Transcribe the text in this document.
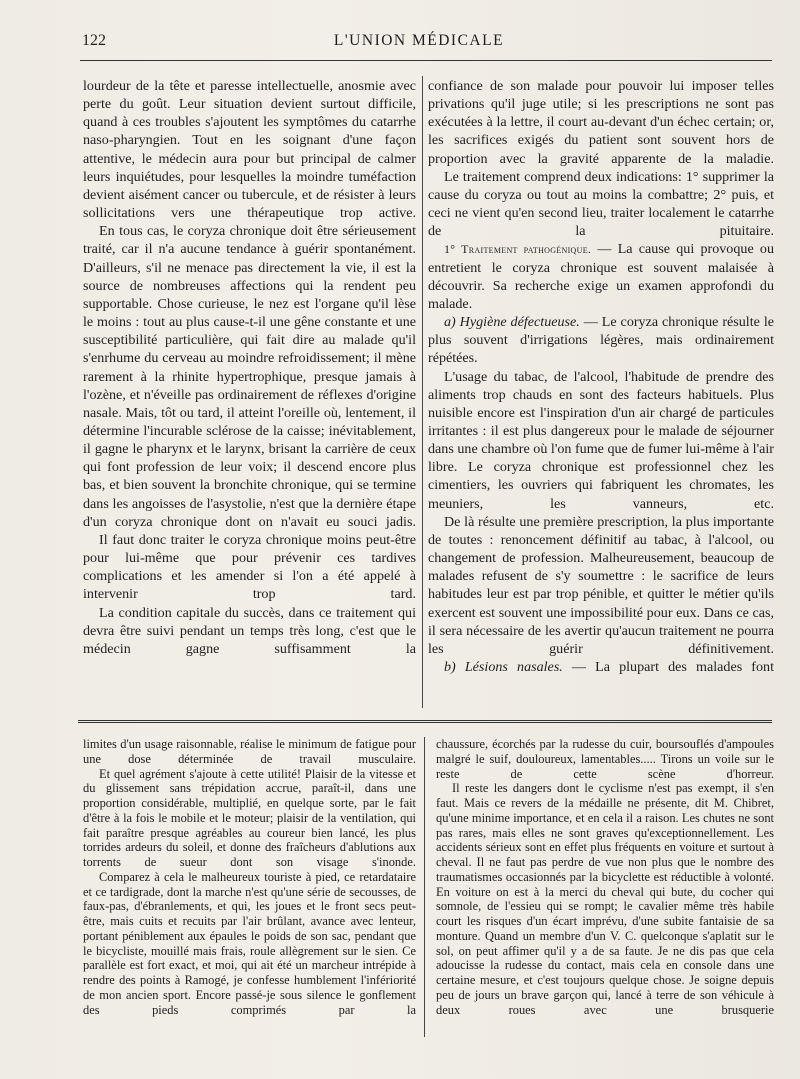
122	L'UNION MÉDICALE

lourdeur de la tête et paresse intellectuelle, anosmie avec perte du goût. Leur situation devient surtout difficile, quand à ces troubles s'ajoutent les symptômes du catarrhe naso-pharyngien. Tout en les soignant d'une façon attentive, le médecin aura pour but principal de calmer leurs inquiétudes, pour lesquelles la moindre tuméfaction devient aisément cancer ou tubercule, et de résister à leurs sollicitations vers une thérapeutique trop active.

En tous cas, le coryza chronique doit être sérieusement traité, car il n'a aucune tendance à guérir spontanément. D'ailleurs, s'il ne menace pas directement la vie, il est la source de nombreuses affections qui la rendent peu supportable. Chose curieuse, le nez est l'organe qu'il lèse le moins : tout au plus cause-t-il une gêne constante et une susceptibilité particulière, qui fait dire au malade qu'il s'enrhume du cerveau au moindre refroidissement; il mène rarement à la rhinite hypertrophique, presque jamais à l'ozène, et n'éveille pas ordinairement de réflexes d'origine nasale. Mais, tôt ou tard, il atteint l'oreille où, lentement, il détermine l'incurable sclérose de la caisse; inévitablement, il gagne le pharynx et le larynx, brisant la carrière de ceux qui font profession de leur voix; il descend encore plus bas, et bien souvent la bronchite chronique, qui se termine dans les angoisses de l'asystolie, n'est que la dernière étape d'un coryza chronique dont on n'avait eu souci jadis.

Il faut donc traiter le coryza chronique moins peut-être pour lui-même que pour prévenir ces tardives complications et les amender si l'on a été appelé à intervenir trop tard.

La condition capitale du succès, dans ce traitement qui devra être suivi pendant un temps très long, c'est que le médecin gagne suffisamment la

confiance de son malade pour pouvoir lui imposer telles privations qu'il juge utile; si les prescriptions ne sont pas exécutées à la lettre, il court au-devant d'un échec certain; or, les sacrifices exigés du patient sont souvent hors de proportion avec la gravité apparente de la maladie.

Le traitement comprend deux indications: 1° supprimer la cause du coryza ou tout au moins la combattre; 2° puis, et ceci ne vient qu'en second lieu, traiter localement le catarrhe de la pituitaire.

1° Traitement pathogénique. — La cause qui provoque ou entretient le coryza chronique est souvent malaisée à découvrir. Sa recherche exige un examen approfondi du malade.

a) Hygiène défectueuse. — Le coryza chronique résulte le plus souvent d'irrigations légères, mais ordinairement répétées.

L'usage du tabac, de l'alcool, l'habitude de prendre des aliments trop chauds en sont des facteurs habituels. Plus nuisible encore est l'inspiration d'un air chargé de particules irritantes : il est plus dangereux pour le malade de séjourner dans une chambre où l'on fume que de fumer lui-même à l'air libre. Le coryza chronique est professionnel chez les cimentiers, les ouvriers qui fabriquent les chromates, les meuniers, les vanneurs, etc.

De là résulte une première prescription, la plus importante de toutes : renoncement définitif au tabac, à l'alcool, ou changement de profession. Malheureusement, beaucoup de malades refusent de s'y soumettre : le sacrifice de leurs habitudes leur est par trop pénible, et quitter le métier qu'ils exercent est souvent une impossibilité pour eux. Dans ce cas, il sera nécessaire de les avertir qu'aucun traitement ne pourra les guérir définitivement.

b) Lésions nasales. — La plupart des malades font

limites d'un usage raisonnable, réalise le minimum de fatigue pour une dose déterminée de travail musculaire.

Et quel agrément s'ajoute à cette utilité! Plaisir de la vitesse et du glissement sans trépidation accrue, paraît-il, dans une proportion considérable, multiplié, en quelque sorte, par le fait d'être à la fois le mobile et le moteur; plaisir de la ventilation, qui fait paraître presque agréables au coureur bien lancé, les plus torrides ardeurs du soleil, et donne des fraîcheurs d'ablutions aux torrents de sueur dont son visage s'inonde.

Comparez à cela le malheureux touriste à pied, ce retardataire et ce tardigrade, dont la marche n'est qu'une série de secousses, de faux-pas, d'ébranlements, et qui, les joues et le front secs peut-être, mais cuits et recuits par l'air brûlant, avance avec lenteur, portant péniblement aux épaules le poids de son sac, pendant que le bicycliste, mouillé mais frais, roule allègrement sur le sien. Ce parallèle est fort exact, et moi, qui ait été un marcheur intrépide à rendre des points à Ramogé, je confesse humblement l'infériorité de mon ancien sport. Encore passé-je sous silence le gonflement des pieds comprimés par la

chaussure, écorchés par la rudesse du cuir, boursouflés d'ampoules malgré le suif, douloureux, lamentables..... Tirons un voile sur le reste de cette scène d'horreur.

Il reste les dangers dont le cyclisme n'est pas exempt, il s'en faut. Mais ce revers de la médaille ne présente, dit M. Chibret, qu'une minime importance, et en cela il a raison. Les chutes ne sont pas rares, mais elles ne sont graves qu'exceptionnellement. Les accidents sérieux sont en effet plus fréquents en voiture et surtout à cheval. Il ne faut pas perdre de vue non plus que le nombre des traumatismes occasionnés par la bicyclette est réductible à volonté. En voiture on est à la merci du cheval qui bute, du cocher qui somnole, de l'essieu qui se rompt; le cavalier même très habile court les risques d'un écart imprévu, d'une subite fantaisie de sa monture. Quand un membre d'un V. C. quelconque s'aplatit sur le sol, on peut affimer qu'il y a de sa faute. Je ne dis pas que cela adoucisse la rudesse du contact, mais cela en console dans une certaine mesure, et c'est toujours quelque chose. Je soigne depuis peu de jours un brave garçon qui, lancé à terre de son véhicule à deux roues avec une brusquerie
